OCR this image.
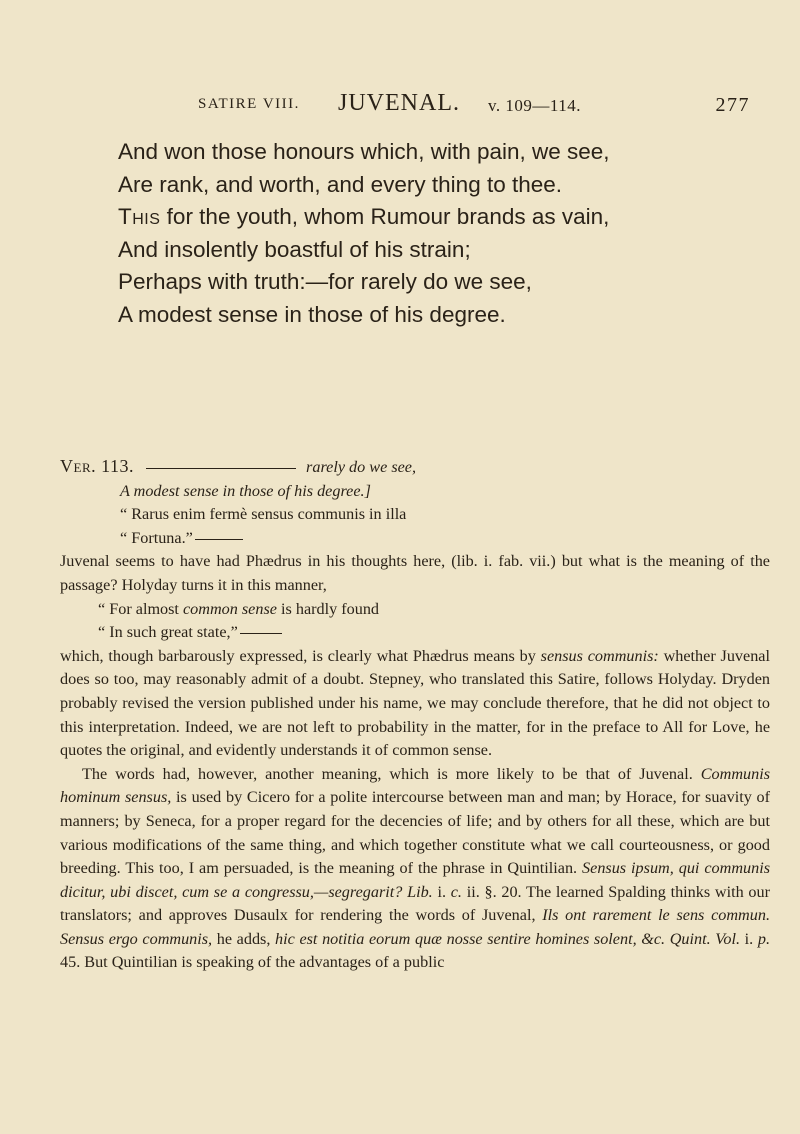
SATIRE VIII. JUVENAL. v. 109—114.	277
And won those honours which, with pain, we see,
Are rank, and worth, and every thing to thee.
This for the youth, whom Rumour brands as vain,
And insolently boastful of his strain;
Perhaps with truth:—for rarely do we see,
A modest sense in those of his degree.

Ver. 113.	rarely do we see,

A modest sense in those of his degree.]

“ Rarus enim fermè sensus communis in illa

“ Fortuna.”

Juvenal seems to have had Phædrus in his thoughts here, (lib. i. fab. vii.) but what is the meaning of the passage? Holyday turns it in this manner,

“ For almost common sense is hardly found

“ In such great state,”

which, though barbarously expressed, is clearly what Phædrus means by sensus communis: whether Juvenal does so too, may reasonably admit of a doubt. Stepney, who translated this Satire, follows Holyday. Dryden probably revised the version published under his name, we may conclude therefore, that he did not object to this interpretation. Indeed, we are not left to probability in the matter, for in the preface to All for Love, he quotes the original, and evidently understands it of common sense.

The words had, however, another meaning, which is more likely to be that of Juvenal. Communis hominum sensus, is used by Cicero for a polite intercourse between man and man; by Horace, for suavity of manners; by Seneca, for a proper regard for the decencies of life; and by others for all these, which are but various modifications of the same thing, and which together constitute what we call courteousness, or good breeding. This too, I am persuaded, is the meaning of the phrase in Quintilian. Sensus ipsum, qui communis dicitur, ubi discet, cum se a congressu,—segregarit? Lib. i. c. ii. §. 20. The learned Spalding thinks with our translators; and approves Dusaulx for rendering the words of Juvenal, Ils ont rarement le sens commun. Sensus ergo communis, he adds, hic est notitia eorum quæ nosse sentire homines solent, &c. Quint. Vol. i. p. 45. But Quintilian is speaking of the advantages of a public
